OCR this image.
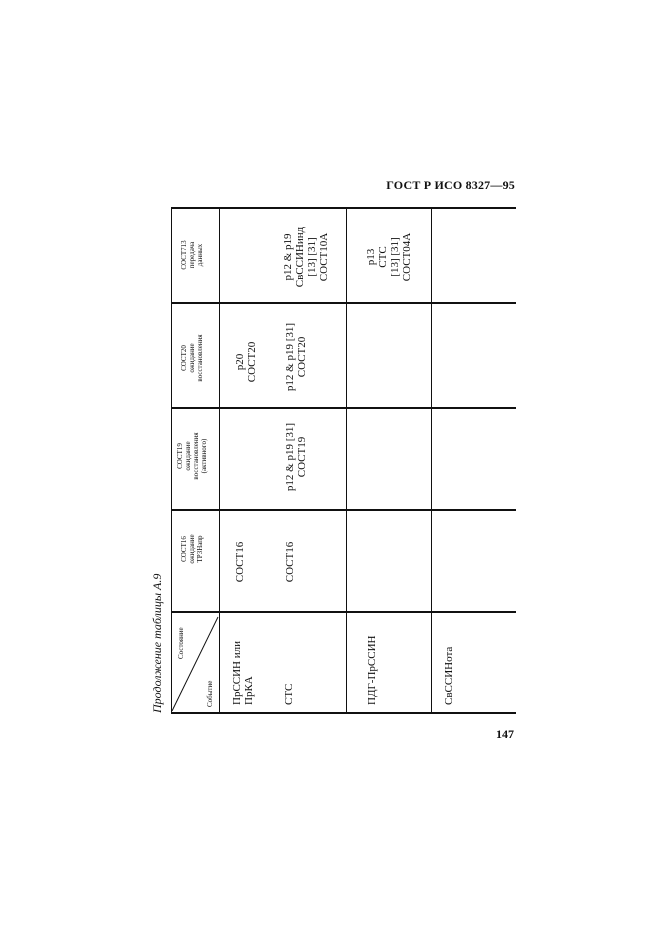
ГОСТ Р ИСО 8327—95
Продолжение таблицы А.9 Состояние
Событие
СОСТ16 ожидание ТРЗНапр
СОСТ19 ожидание восстановления (активного)
СОСТ20 ожидание восстановления
СОСТ713 передача данных
ПрССИН или ПрКА
СОСТ16
p20 СОСТ20
СТС
СОСТ16
p12 & p19 [31] СОСТ19
p12 & p19 [31] СОСТ20
p12 & p19 СвССИНинд [13] [31] СОСТ10А
ПДГ-ПрССИН
p13 СТС [13] [31] СОСТ04А
СвССИНота
147
